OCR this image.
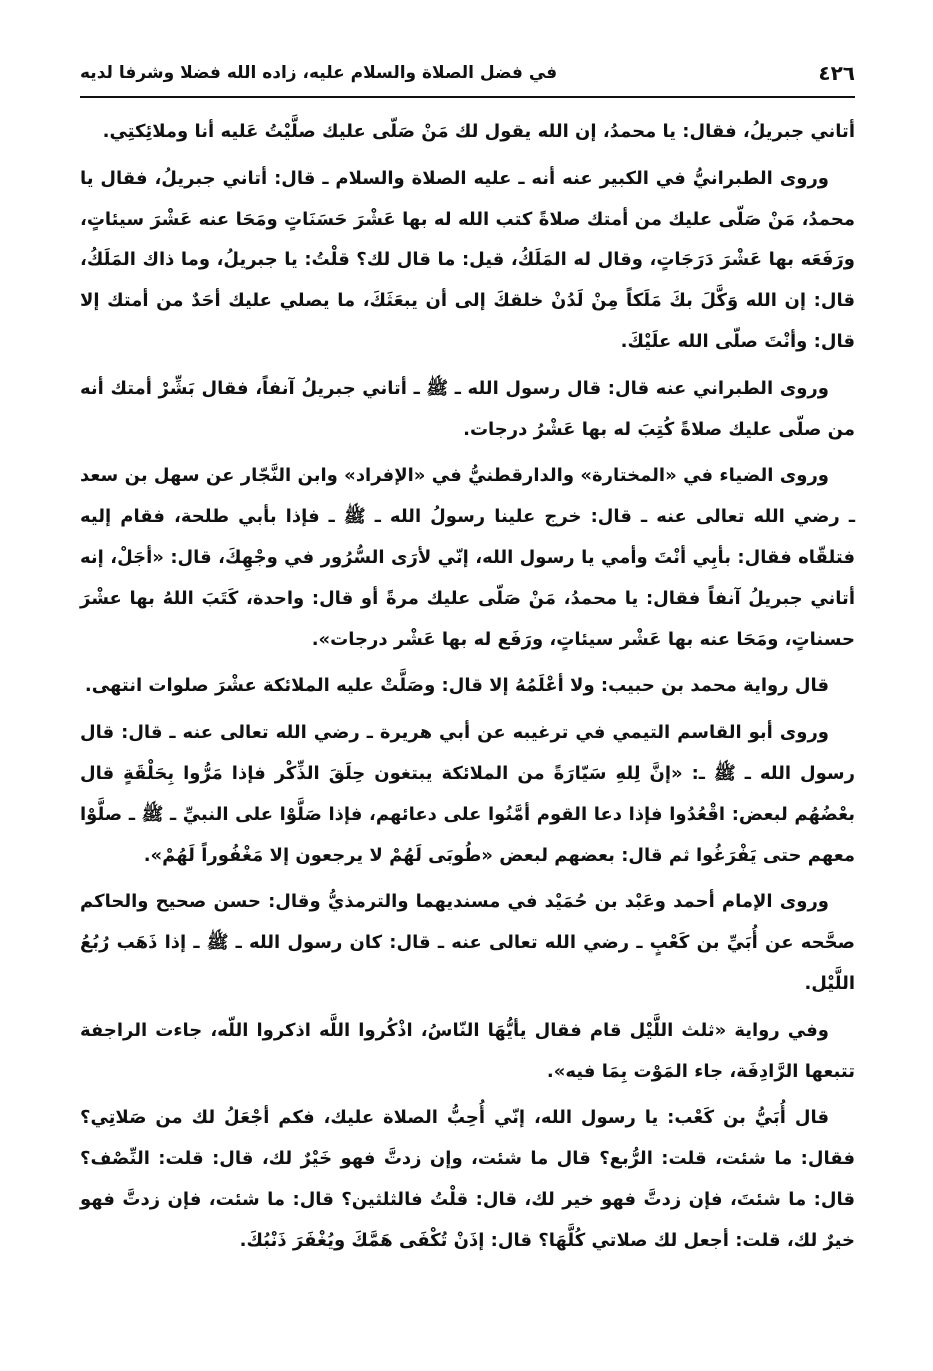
٤٢٦
في فضل الصلاة والسلام عليه، زاده الله فضلا وشرفا لديه

أتاني جبريلُ، فقال: يا محمدُ، إن الله يقول لك مَنْ صَلّى عليك صلَّيْتُ عَليه أنا وملائِكتِي.

وروى الطبرانيُّ في الكبير عنه أنه ـ عليه الصلاة والسلام ـ قال: أتاني جبريلُ، فقال يا محمدُ، مَنْ صَلّى عليك من أمتك صلاةً كتب الله له بها عَشْرَ حَسَنَاتٍ ومَحَا عنه عَشْرَ سيئاتٍ، ورَفَعَه بها عَشْرَ دَرَجَاتٍ، وقال له المَلَكُ، قيل: ما قال لك؟ قلْتُ: يا جبريلُ، وما ذاك المَلَكُ، قال: إن الله وَكَّلَ بكَ مَلَكاً مِنْ لَدُنْ خلقكَ إلى أن يبعَثَكَ، ما يصلي عليك أحَدٌ من أمتك إلا قال: وأنْتَ صلّى الله علَيْكَ.

وروى الطبراني عنه قال: قال رسول الله ـ ﷺ ـ أتاني جبريلُ آنفاً، فقال بَشِّرْ أمتك أنه من صلّى عليك صلاةً كُتِبَ له بها عَشْرُ درجات.

وروى الضياء في «المختارة» والدارقطنيُّ في «الإفراد» وابن النَّجّار عن سهل بن سعد ـ رضي الله تعالى عنه ـ قال: خرج علينا رسولُ الله ـ ﷺ ـ فإذا بأبي طلحة، فقام إليه فتلقّاه فقال: بأبِي أنْتَ وأمي يا رسول الله، إنّي لأرَى السُّرُور في وجْهِكَ، قال: «أجَلْ، إنه أتاني جبريلُ آنفاً فقال: يا محمدُ، مَنْ صَلّى عليك مرةً أو قال: واحدة، كَتَبَ اللهُ بها عشْرَ حسناتٍ، ومَحَا عنه بها عَشْر سيئاتٍ، ورَفَع له بها عَشْر درجات».

قال رواية محمد بن حبيب: ولا أعْلَمُهُ إلا قال: وصَلَّتْ عليه الملائكة عشْرَ صلوات انتهى.

وروى أبو القاسم التيمي في ترغيبه عن أبي هريرة ـ رضي الله تعالى عنه ـ قال: قال رسول الله ـ ﷺ ـ: «إنَّ لِلهِ سَيّارَةً من الملائكة يبتغون حِلَقَ الذِّكْر فإذا مَرُّوا بِحَلْقَةٍ قال بعْضُهُم لبعض: اقْعُدُوا فإذا دعا القوم أمَّنُوا على دعائهم، فإذا صَلَّوْا على النبيِّ ـ ﷺ ـ صلَّوْا معهم حتى يَفْرَغُوا ثم قال: بعضهم لبعض «طُوبَى لَهُمْ لا يرجعون إلا مَغْفُوراً لَهُمْ».

وروى الإمام أحمد وعَبْد بن حُمَيْد في مسنديهما والترمذيُّ وقال: حسن صحيح والحاكم صحَّحه عن أُبَيِّ بن كَعْبٍ ـ رضي الله تعالى عنه ـ قال: كان رسول الله ـ ﷺ ـ إذا ذَهَب رُبُعُ اللَّيْل.

وفي رواية «ثلث اللَّيْل قام فقال يأيُّهَا النّاسُ، اذْكُروا اللَّه اذكروا اللّه، جاءت الراجفة تتبعها الرَّادِفَة، جاء المَوْت بِمَا فيه».

قال أُبَيُّ بن كَعْب: يا رسول الله، إنّي أُحِبُّ الصلاة عليك، فكم أجْعَلُ لك من صَلاتِي؟ فقال: ما شئت، قلت: الرُّبع؟ قال ما شئت، وإن زدتَّ فهو خَيْرٌ لك، قال: قلت: النِّصْف؟ قال: ما شئتَ، فإن زدتَّ فهو خير لك، قال: قلْتُ فالثلثين؟ قال: ما شئت، فإن زدتَّ فهو خيرٌ لك، قلت: أجعل لك صلاتي كُلَّهَا؟ قال: إذَنْ تُكْفَى هَمَّكَ ويُغْفَرَ ذَنْبُكَ.
